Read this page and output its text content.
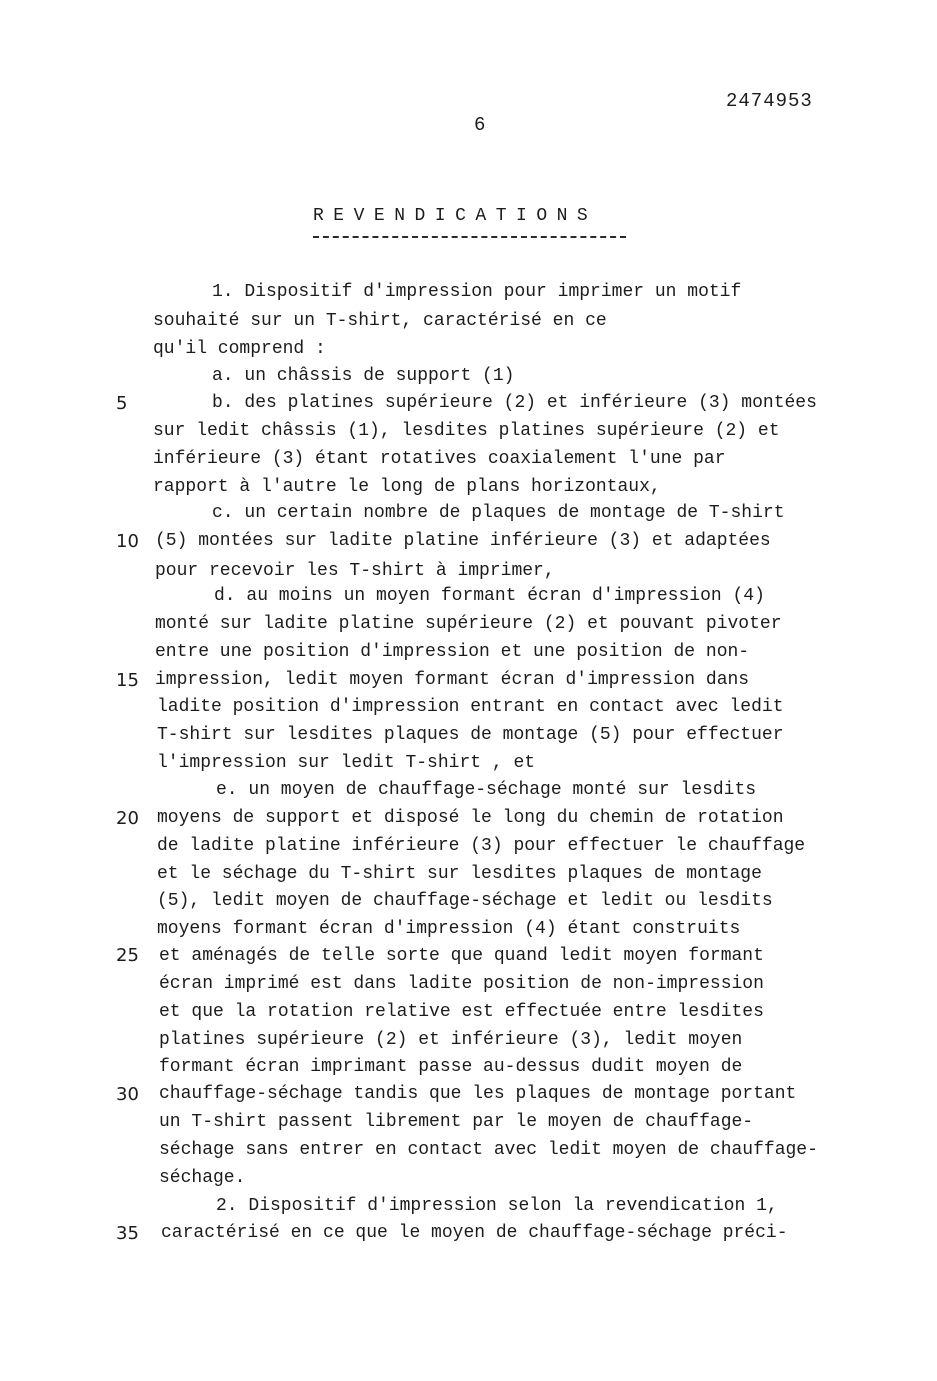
2474953
6
REVENDICATIONS
5
10
15
20
25
30
35
1. Dispositif d'impression pour imprimer un motif
souhaité sur un T-shirt, caractérisé en ce
qu'il comprend :
a. un châssis de support (1)
b. des platines supérieure (2) et inférieure (3) montées
sur ledit châssis (1), lesdites platines supérieure (2) et
inférieure (3) étant rotatives coaxialement l'une par
rapport à l'autre le long de plans horizontaux,
c. un certain nombre de plaques de montage de T-shirt
(5) montées sur ladite platine inférieure (3) et adaptées
pour recevoir les T-shirt à imprimer,
d. au moins un moyen formant écran d'impression (4)
monté sur ladite platine supérieure (2) et pouvant pivoter
entre une position d'impression et une position de non-
impression, ledit moyen formant écran d'impression dans
ladite position d'impression entrant en contact avec ledit
T-shirt sur lesdites plaques de montage (5) pour effectuer
l'impression sur ledit T-shirt , et
e. un moyen de chauffage-séchage monté sur lesdits
moyens de support et disposé le long du chemin de rotation
de ladite platine inférieure (3) pour effectuer le chauffage
et le séchage du T-shirt sur lesdites plaques de montage
(5), ledit moyen de chauffage-séchage et ledit ou lesdits
moyens formant écran d'impression (4) étant construits
et aménagés de telle sorte que quand ledit moyen formant
écran imprimé est dans ladite position de non-impression
et que la rotation relative est effectuée entre lesdites
platines supérieure (2) et inférieure (3), ledit moyen
formant écran imprimant passe au-dessus dudit moyen de
chauffage-séchage tandis que les plaques de montage portant
un T-shirt passent librement par le moyen de chauffage-
séchage sans entrer en contact avec ledit moyen de chauffage-
séchage.
2. Dispositif d'impression selon la revendication 1,
caractérisé en ce que le moyen de chauffage-séchage préci-
